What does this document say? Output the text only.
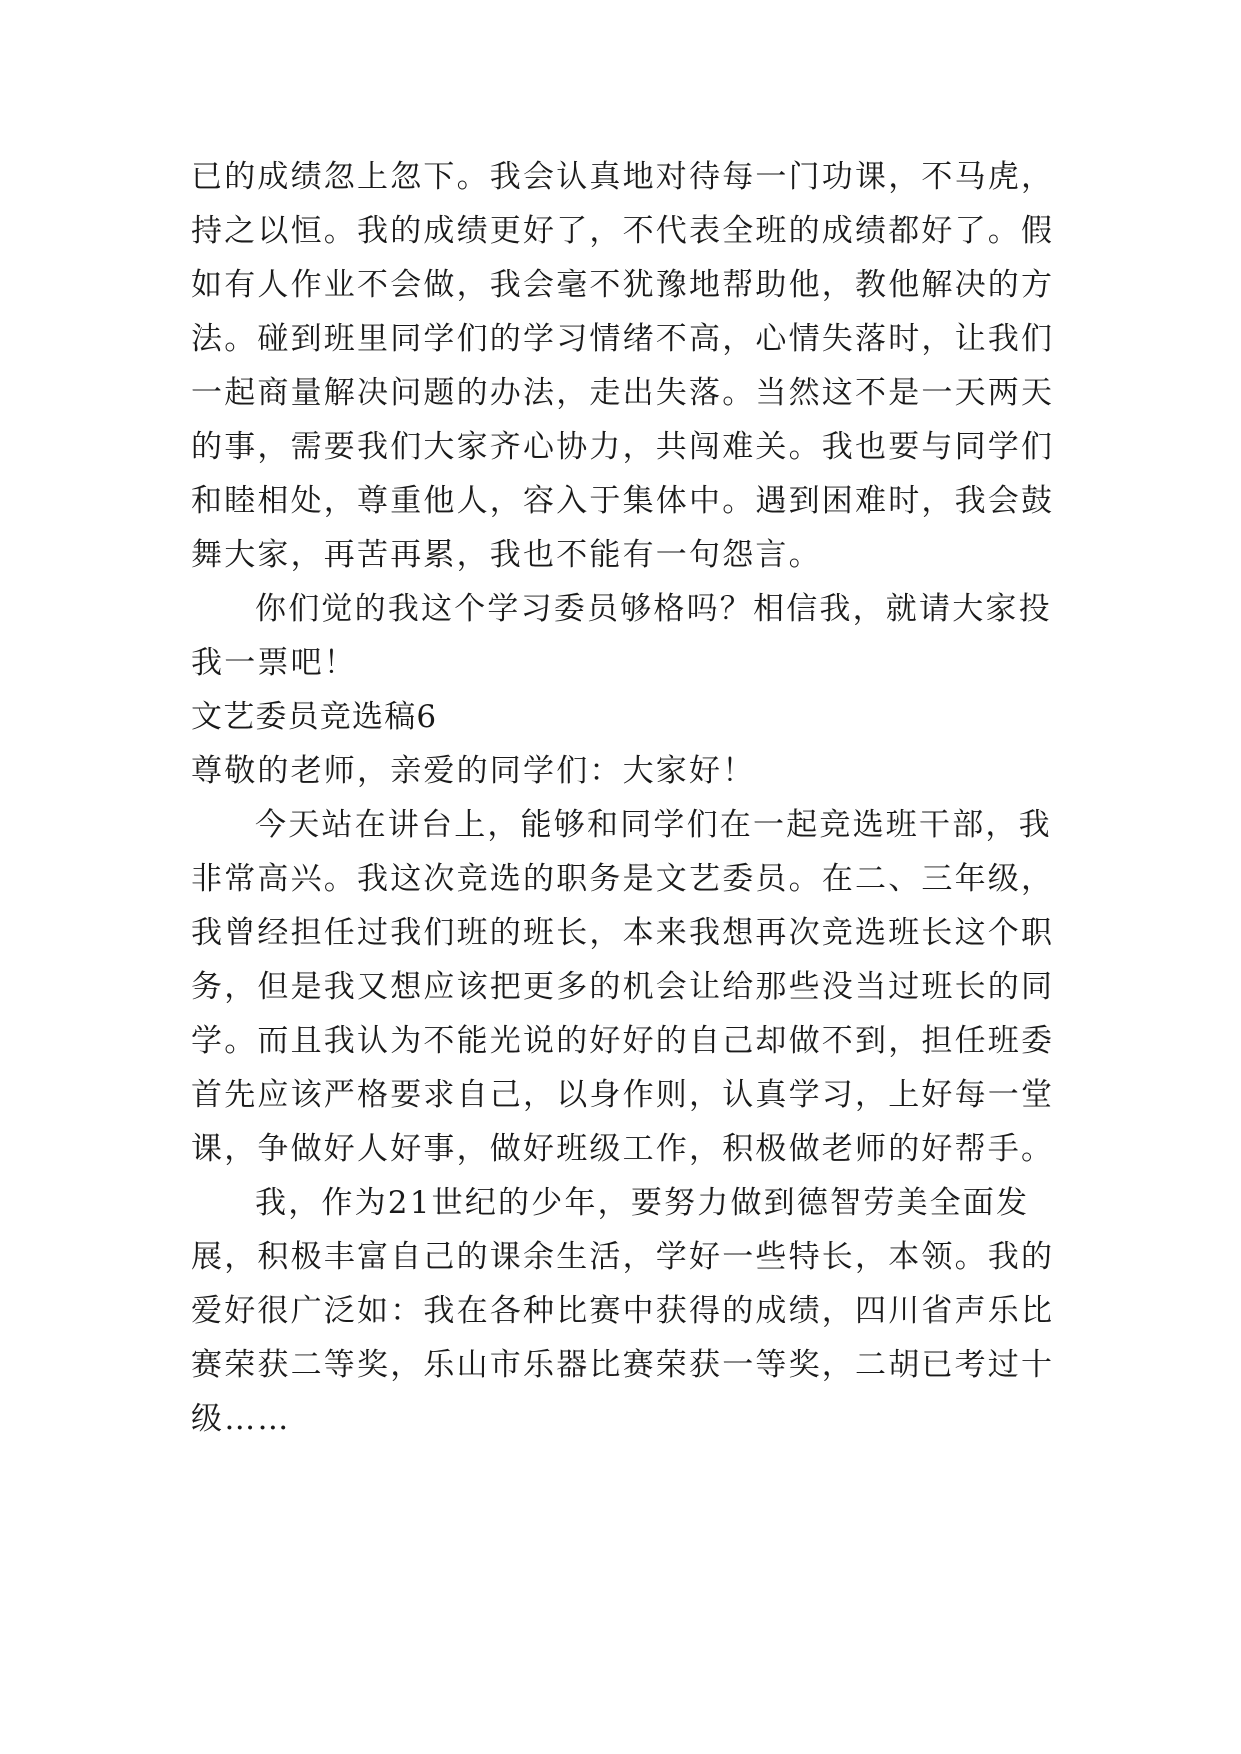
已的成绩忽上忽下。我会认真地对待每一门功课，不马虎，
持之以恒。我的成绩更好了，不代表全班的成绩都好了。假
如有人作业不会做，我会毫不犹豫地帮助他，教他解决的方
法。碰到班里同学们的学习情绪不高，心情失落时，让我们
一起商量解决问题的办法，走出失落。当然这不是一天两天
的事，需要我们大家齐心协力，共闯难关。我也要与同学们
和睦相处，尊重他人，容入于集体中。遇到困难时，我会鼓
舞大家，再苦再累，我也不能有一句怨言。
你们觉的我这个学习委员够格吗？相信我，就请大家投
我一票吧！
文艺委员竞选稿6
尊敬的老师，亲爱的同学们：大家好！
今天站在讲台上，能够和同学们在一起竞选班干部，我
非常高兴。我这次竞选的职务是文艺委员。在二、三年级，
我曾经担任过我们班的班长，本来我想再次竞选班长这个职
务，但是我又想应该把更多的机会让给那些没当过班长的同
学。而且我认为不能光说的好好的自己却做不到，担任班委
首先应该严格要求自己，以身作则，认真学习，上好每一堂
课，争做好人好事，做好班级工作，积极做老师的好帮手。
我，作为21世纪的少年，要努力做到德智劳美全面发
展，积极丰富自己的课余生活，学好一些特长，本领。我的
爱好很广泛如：我在各种比赛中获得的成绩，四川省声乐比
赛荣获二等奖，乐山市乐器比赛荣获一等奖，二胡已考过十
级……
